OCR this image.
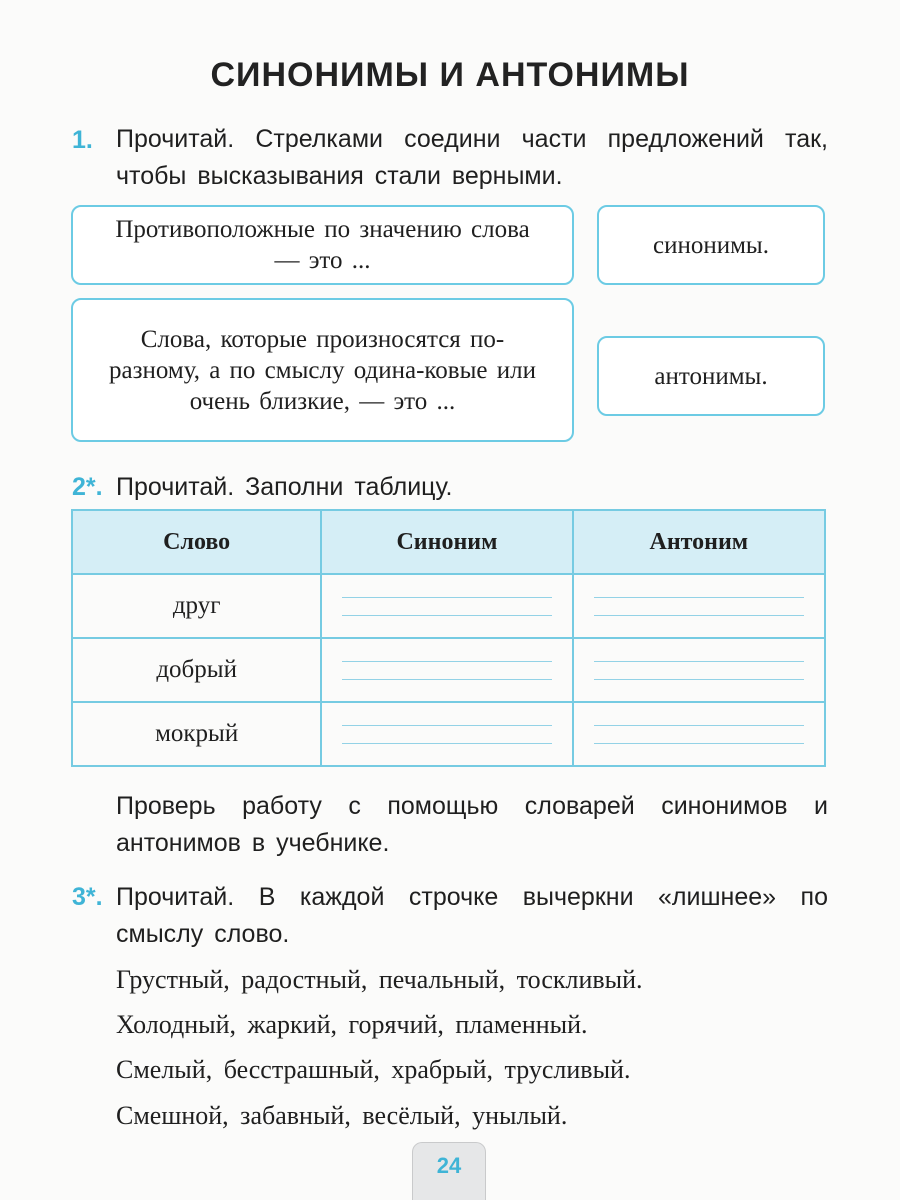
СИНОНИМЫ И АНТОНИМЫ
1. Прочитай. Стрелками соедини части предложений так, чтобы высказывания стали верными.
Противоположные по значению слова — это ...
Слова, которые произносятся по-разному, а по смыслу одина-ковые или очень близкие, — это ...
синонимы.
антонимы.
2*. Прочитай. Заполни таблицу.
Слово	Синоним	Антоним
друг	

добрый	

мокрый	

Проверь работу с помощью словарей синонимов и антонимов в учебнике.
3*. Прочитай. В каждой строчке вычеркни «лишнее» по смыслу слово.
Грустный, радостный, печальный, тоскливый.
Холодный, жаркий, горячий, пламенный.
Смелый, бесстрашный, храбрый, трусливый.
Смешной, забавный, весёлый, унылый.
24
